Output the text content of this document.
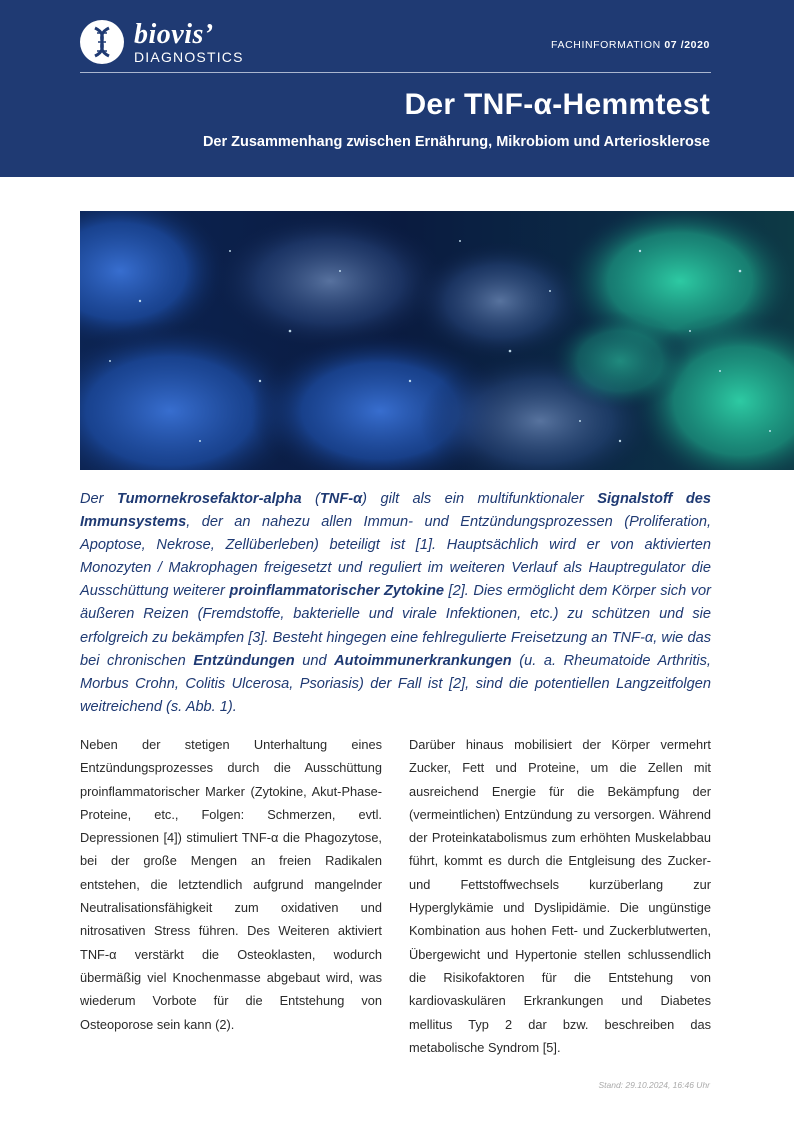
biovis’
DIAGNOSTICS
FACHINFORMATION 07 /2020
Der TNF-α-Hemmtest
Der Zusammenhang zwischen Ernährung, Mikrobiom und Arteriosklerose

Der Tumornekrosefaktor-alpha (TNF-α) gilt als ein multifunktionaler Signalstoff des Immunsystems, der an nahezu allen Immun- und Entzündungsprozessen (Proliferation, Apoptose, Nekrose, Zellüberleben) beteiligt ist [1]. Hauptsächlich wird er von aktivierten Monozyten / Makrophagen freigesetzt und reguliert im weiteren Verlauf als Hauptregulator die Ausschüttung weiterer proinflammatorischer Zytokine [2]. Dies ermöglicht dem Körper sich vor äußeren Reizen (Fremdstoffe, bakterielle und virale Infektionen, etc.) zu schützen und sie erfolgreich zu bekämpfen [3]. Besteht hingegen eine fehlregulierte Freisetzung an TNF-α, wie das bei chronischen Entzündungen und Autoimmunerkrankungen (u. a. Rheumatoide Arthritis, Morbus Crohn, Colitis Ulcerosa, Psoriasis) der Fall ist [2], sind die potentiellen Langzeitfolgen weitreichend (s. Abb. 1).

Neben der stetigen Unterhaltung eines Entzündungsprozesses durch die Ausschüttung proinflammatorischer Marker (Zytokine, Akut-Phase-Proteine, etc., Folgen: Schmerzen, evtl. Depressionen [4]) stimuliert TNF-α die Phagozytose, bei der große Mengen an freien Radikalen entstehen, die letztendlich aufgrund mangelnder Neutralisationsfähigkeit zum oxidativen und nitrosativen Stress führen. Des Weiteren aktiviert TNF-α verstärkt die Osteoklasten, wodurch übermäßig viel Knochenmasse abgebaut wird, was wiederum Vorbote für die Entstehung von Osteoporose sein kann (2).

Darüber hinaus mobilisiert der Körper vermehrt Zucker, Fett und Proteine, um die Zellen mit ausreichend Energie für die Bekämpfung der (vermeintlichen) Entzündung zu versorgen. Während der Proteinkatabolismus zum erhöhten Muskelabbau führt, kommt es durch die Entgleisung des Zucker- und Fettstoffwechsels kurzüberlang zur Hyperglykämie und Dyslipidämie. Die ungünstige Kombination aus hohen Fett- und Zuckerblutwerten, Übergewicht und Hypertonie stellen schlussendlich die Risikofaktoren für die Entstehung von kardiovaskulären Erkrankungen und Diabetes mellitus Typ 2 dar bzw. beschreiben das metabolische Syndrom [5].

Stand: 29.10.2024, 16:46 Uhr
